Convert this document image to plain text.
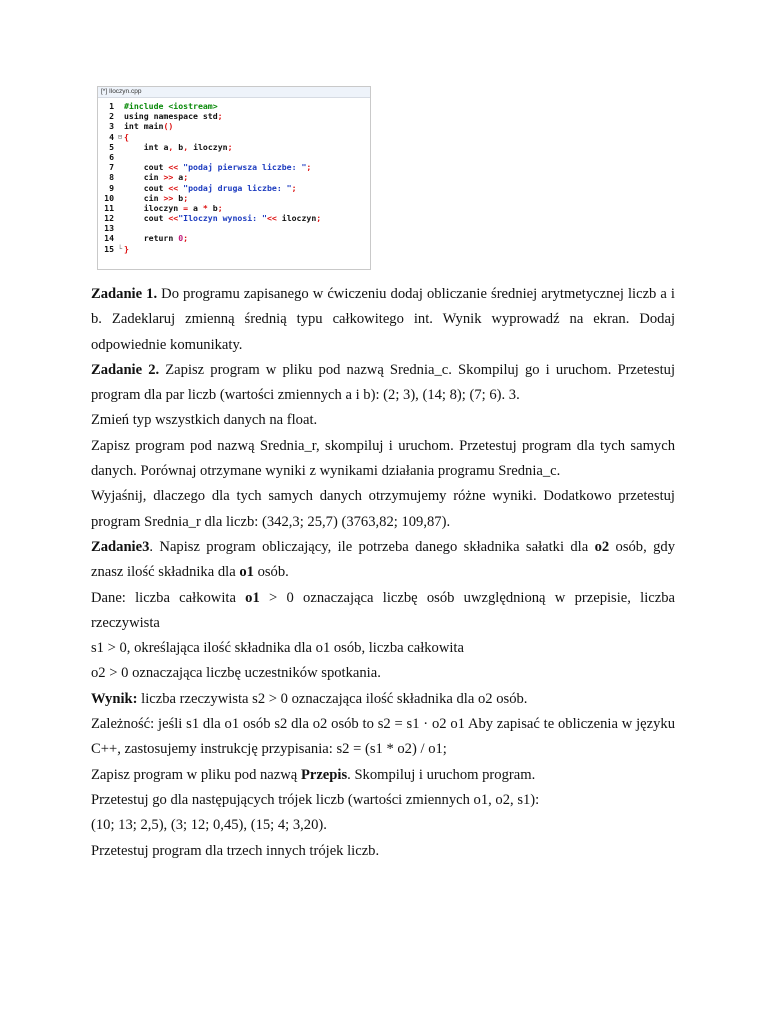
[*] Iloczyn.cpp
1 #include <iostream>
2 using namespace std;
3 int main()
4 ⊟ {
5	int a, b, iloczyn;
6
7	cout << "podaj pierwsza liczbe: ";
8	cin >> a;
9	cout << "podaj druga liczbe: ";
10	cin >> b;
11	iloczyn = a * b;
12	cout <<"Iloczyn wynosi: "<< iloczyn;
13
14	return 0;
15 └ }

Zadanie 1. Do programu zapisanego w ćwiczeniu dodaj obliczanie średniej arytmetycznej liczb a i b. Zadeklaruj zmienną średnią typu całkowitego int. Wynik wyprowadź na ekran. Dodaj odpowiednie komunikaty.

Zadanie 2. Zapisz program w pliku pod nazwą Srednia_c. Skompiluj go i uruchom. Przetestuj program dla par liczb (wartości zmiennych a i b): (2; 3), (14; 8); (7; 6). 3.

Zmień typ wszystkich danych na float.

Zapisz program pod nazwą Srednia_r, skompiluj i uruchom. Przetestuj program dla tych samych danych. Porównaj otrzymane wyniki z wynikami działania programu Srednia_c.

Wyjaśnij, dlaczego dla tych samych danych otrzymujemy różne wyniki. Dodatkowo przetestuj program Srednia_r dla liczb: (342,3; 25,7) (3763,82; 109,87).

Zadanie3. Napisz program obliczający, ile potrzeba danego składnika sałatki dla o2 osób, gdy znasz ilość składnika dla o1 osób.

Dane: liczba całkowita o1 > 0 oznaczająca liczbę osób uwzględnioną w przepisie, liczba rzeczywista

s1 > 0, określająca ilość składnika dla o1 osób, liczba całkowita

o2 > 0 oznaczająca liczbę uczestników spotkania.

Wynik: liczba rzeczywista s2 > 0 oznaczająca ilość składnika dla o2 osób.

Zależność: jeśli s1 dla o1 osób s2 dla o2 osób to s2 = s1 · o2 o1 Aby zapisać te obliczenia w języku C++, zastosujemy instrukcję przypisania: s2 = (s1 * o2) / o1;

Zapisz program w pliku pod nazwą Przepis. Skompiluj i uruchom program.

Przetestuj go dla następujących trójek liczb (wartości zmiennych o1, o2, s1):

(10; 13; 2,5), (3; 12; 0,45), (15; 4; 3,20).

Przetestuj program dla trzech innych trójek liczb.
